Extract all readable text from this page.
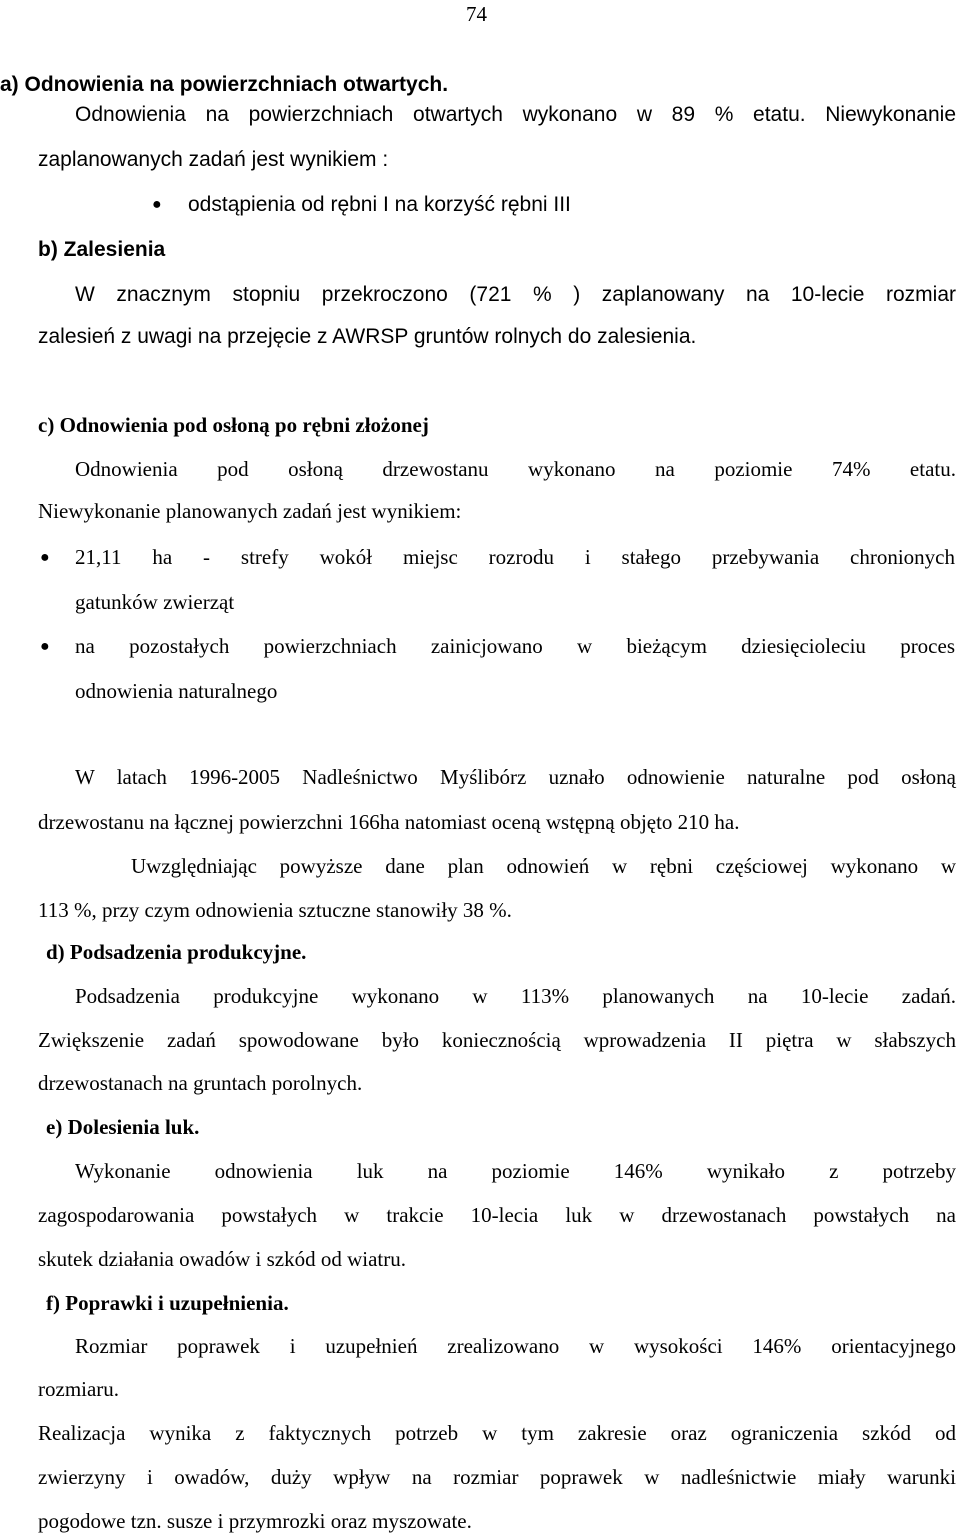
74
a) Odnowienia na powierzchniach otwartych.
Odnowienia na powierzchniach otwartych wykonano w 89 % etatu. Niewykonanie
zaplanowanych zadań jest wynikiem :
● odstąpienia od rębni I na korzyść rębni III
b) Zalesienia
W znacznym stopniu przekroczono (721 % ) zaplanowany na 10-lecie rozmiar
zalesień z uwagi na przejęcie z AWRSP gruntów rolnych do zalesienia.
c) Odnowienia pod osłoną po rębni złożonej
Odnowienia pod osłoną drzewostanu wykonano na poziomie 74% etatu.
Niewykonanie planowanych zadań jest wynikiem:
● 21,11 ha - strefy wokół miejsc rozrodu i stałego przebywania chronionych
gatunków zwierząt
● na pozostałych powierzchniach zainicjowano w bieżącym dziesięcioleciu proces
odnowienia naturalnego
W latach 1996-2005 Nadleśnictwo Myślibórz uznało odnowienie naturalne pod osłoną
drzewostanu na łącznej powierzchni 166ha natomiast oceną wstępną objęto 210 ha.
Uwzględniając powyższe dane plan odnowień w rębni częściowej wykonano w
113 %, przy czym odnowienia sztuczne stanowiły 38 %.
d) Podsadzenia produkcyjne.
Podsadzenia produkcyjne wykonano w 113% planowanych na 10-lecie zadań.
Zwiększenie zadań spowodowane było koniecznością wprowadzenia II piętra w słabszych
drzewostanach na gruntach porolnych.
e) Dolesienia luk.
Wykonanie odnowienia luk na poziomie 146% wynikało z potrzeby
zagospodarowania powstałych w trakcie 10-lecia luk w drzewostanach powstałych na
skutek działania owadów i szkód od wiatru.
f) Poprawki i uzupełnienia.
Rozmiar poprawek i uzupełnień zrealizowano w wysokości 146% orientacyjnego
rozmiaru.
Realizacja wynika z faktycznych potrzeb w tym zakresie oraz ograniczenia szkód od
zwierzyny i owadów, duży wpływ na rozmiar poprawek w nadleśnictwie miały warunki
pogodowe tzn. susze i przymrozki oraz myszowate.
